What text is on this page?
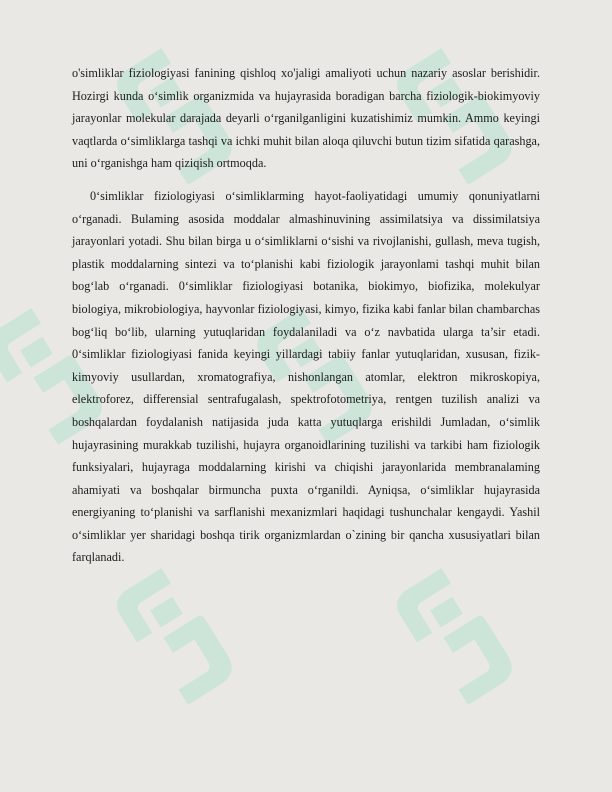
o'simliklar fiziologiyasi fanining qishloq xo'jaligi amaliyoti uchun nazariy asoslar berishidir. Hozirgi kunda o‘simlik organizmida va hujayrasida boradigan barcha fiziologik-biokimyoviy jarayonlar molekular darajada deyarli o‘rganilganligini kuzatishimiz mumkin. Ammo keyingi vaqtlarda o‘simliklarga tashqi va ichki muhit bilan aloqa qiluvchi butun tizim sifatida qarashga, uni o‘rganishga ham qiziqish ortmoqda.

0‘simliklar fiziologiyasi o‘simliklarming hayot-faoliyatidagi umumiy qonuniyatlarni o‘rganadi. Bulaming asosida moddalar almashinuvining assimilatsiya va dissimilatsiya jarayonlari yotadi. Shu bilan birga u o‘simliklarni o‘sishi va rivojlanishi, gullash, meva tugish, plastik moddalarning sintezi va to‘planishi kabi fiziologik jarayonlami tashqi muhit bilan bog‘lab o‘rganadi. 0‘simliklar fiziologiyasi botanika, biokimyo, biofizika, molekulyar biologiya, mikrobiologiya, hayvonlar fiziologiyasi, kimyo, fizika kabi fanlar bilan chambarchas bog‘liq bo‘lib, ularning yutuqlaridan foydalaniladi va o‘z navbatida ularga ta’sir etadi. 0‘simliklar fiziologiyasi fanida keyingi yillardagi tabiiy fanlar yutuqlaridan, xususan, fizik-kimyoviy usullardan, xromatografiya, nishonlangan atomlar, elektron mikroskopiya, elektroforez, differensial sentrafugalash, spektrofotometriya, rentgen tuzilish analizi va boshqalardan foydalanish natijasida juda katta yutuqlarga erishildi Jumladan, o‘simlik hujayrasining murakkab tuzilishi, hujayra organoidlarining tuzilishi va tarkibi ham fiziologik funksiyalari, hujayraga moddalarning kirishi va chiqishi jarayonlarida membranalaming ahamiyati va boshqalar birmuncha puxta o‘rganildi. Ayniqsa, o‘simliklar hujayrasida energiyaning to‘planishi va sarflanishi mexanizmlari haqidagi tushunchalar kengaydi. Yashil o‘simliklar yer sharidagi boshqa tirik organizmlardan o`zining bir qancha xususiyatlari bilan farqlanadi.
